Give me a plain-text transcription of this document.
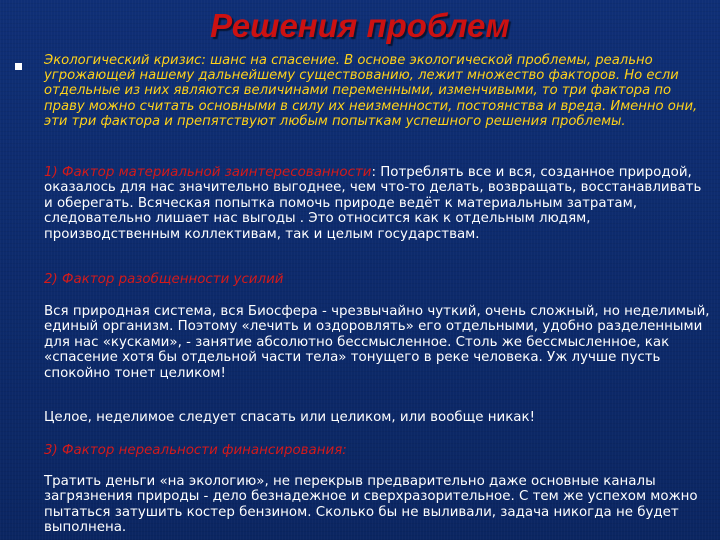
Решения проблем

Экологический кризис: шанс на спасение. В основе экологической проблемы, реально угрожающей нашему дальнейшему существованию, лежит множество факторов. Но если отдельные из них являются величинами переменными, изменчивыми, то три фактора по праву можно считать основными в силу их неизменности, постоянства и вреда. Именно они, эти три фактора и препятствуют любым попыткам успешного решения проблемы.

1) Фактор материальной заинтересованности: Потреблять все и вся, созданное природой, оказалось для нас значительно выгоднее, чем что-то делать, возвращать, восстанавливать и оберегать. Всяческая попытка помочь природе ведёт к материальным затратам, следовательно лишает нас выгоды . Это относится как к отдельным людям, производственным коллективам, так и целым государствам.

2) Фактор разобщенности усилий

Вся природная система, вся Биосфера - чрезвычайно чуткий, очень сложный, но неделимый, единый организм. Поэтому «лечить и оздоровлять» его отдельными, удобно разделенными для нас «кусками», - занятие абсолютно бессмысленное. Столь же бессмысленное, как «спасение хотя бы отдельной части тела» тонущего в реке человека. Уж лучше пусть спокойно тонет целиком!

Целое, неделимое следует спасать или целиком, или вообще никак!

3) Фактор нереальности финансирования:

Тратить деньги «на экологию», не перекрыв предварительно даже основные каналы загрязнения природы - дело безнадежное и сверхразорительное. С тем же успехом можно пытаться затушить костер бензином. Сколько бы не выливали, задача никогда не будет выполнена.
